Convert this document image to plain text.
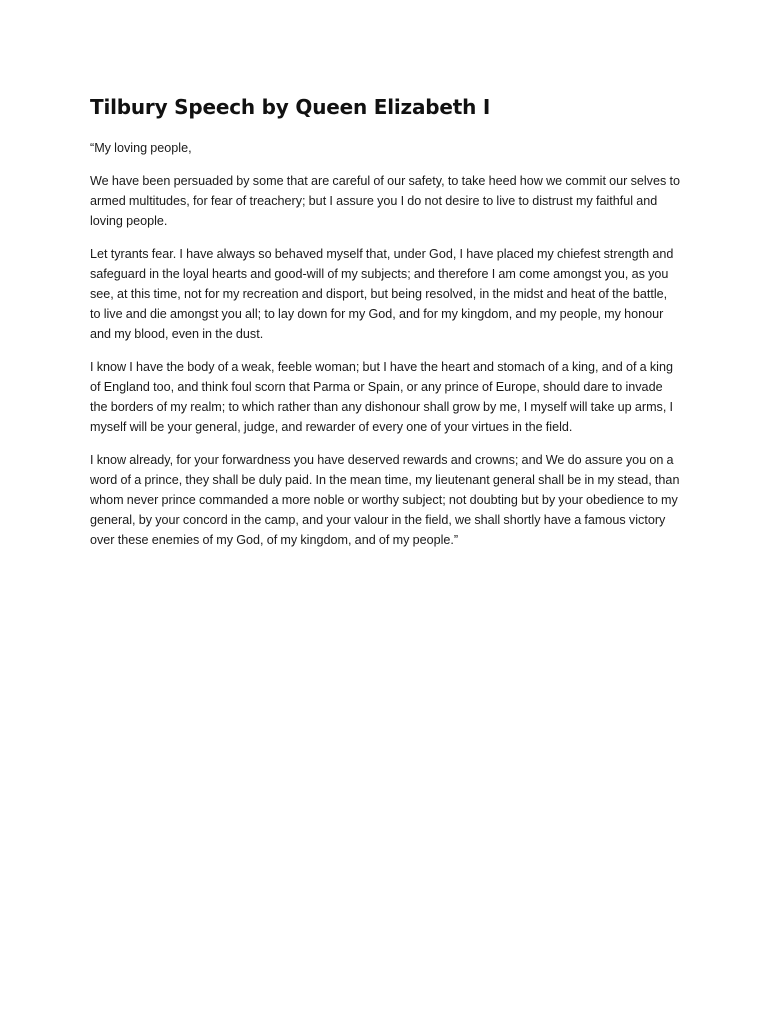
Tilbury Speech by Queen Elizabeth I

“My loving people,

We have been persuaded by some that are careful of our safety, to take heed how we commit our selves to armed multitudes, for fear of treachery; but I assure you I do not desire to live to distrust my faithful and loving people.

Let tyrants fear. I have always so behaved myself that, under God, I have placed my chiefest strength and safeguard in the loyal hearts and good-will of my subjects; and therefore I am come amongst you, as you see, at this time, not for my recreation and disport, but being resolved, in the midst and heat of the battle, to live and die amongst you all; to lay down for my God, and for my kingdom, and my people, my honour and my blood, even in the dust.

I know I have the body of a weak, feeble woman; but I have the heart and stomach of a king, and of a king of England too, and think foul scorn that Parma or Spain, or any prince of Europe, should dare to invade the borders of my realm; to which rather than any dishonour shall grow by me, I myself will take up arms, I myself will be your general, judge, and rewarder of every one of your virtues in the field.

I know already, for your forwardness you have deserved rewards and crowns; and We do assure you on a word of a prince, they shall be duly paid. In the mean time, my lieutenant general shall be in my stead, than whom never prince commanded a more noble or worthy subject; not doubting but by your obedience to my general, by your concord in the camp, and your valour in the field, we shall shortly have a famous victory over these enemies of my God, of my kingdom, and of my people.”
